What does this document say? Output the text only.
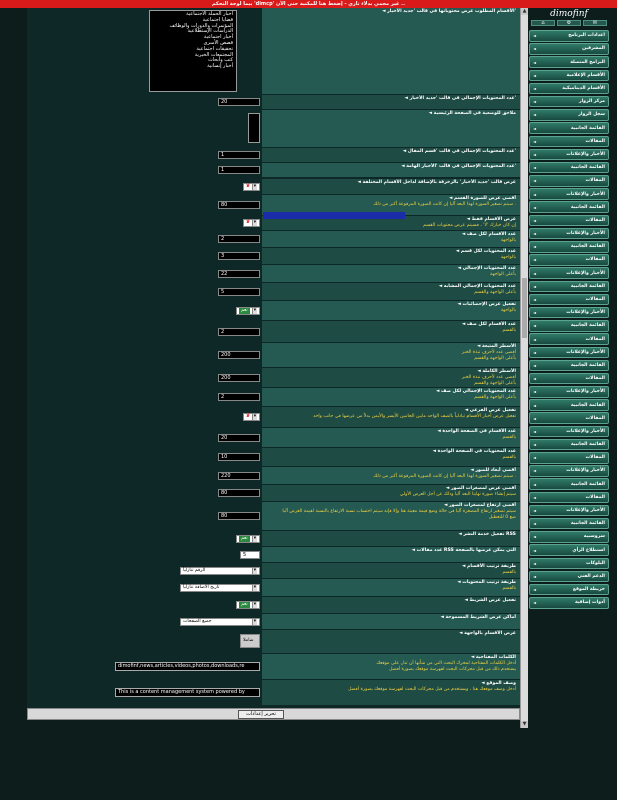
بيما لوحة التحكم 'dimcp' غير محمي بدلاء تاري - إضغط هنا للمكتبة حتى الآن ..
This is a content management system powered by
◄ وصف الموقع
أدخل وصف موقعك هنا ، ويستخدم من قبل محركات البحث لفهرسة موقعك بصورة أفضل
dimofinf,news,articles,videos,photos,downloads,re
◄ الكلمات المفتاحية
أدخل الكلمات المفتاحية لمحرك البحث التي من شأنها أن تدل على موقعك
يستخدم ذلك من قبل محركات البحث لفهرسة موقعك بصورة أفضل
شاملا
◄ عرض الأقسام بالواجهة
جميع الصفحات	▾
◄ أماكن عرض الشريط المسموحة
نعم	▾
◄ تفعيل عرض الشريط
تاريخ الاضافة تنازلياً	▾
◄ طريقة ترتيب المحتويات
بالقسم
الرقم تنازلياً	▾
◄ طريقة ترتيب الأقسام
بالقسم
5
◄ عدد مقالات RSS التي يمكن عرضها بالصفحة
نعم	▾
◄ تفعيل خدمة النشر RSS
80
◄ أقصى ارتفاع لمصغرات الصور
سيتم تصغير ارتفاع المصغرة آليا في حالة وضع قيمة معينة هنا وإلا فإنه سيتم احتساب نسبة الارتفاع بالنسبة لقيمة العرض آليا
ضع 0 للتعطيل
80
◄ أقصى عرض لمصغرات الصور
سيتم إنشاء صورة نهايتا البعد آليا وذلك عن أجل العرض الأولي
220
◄ أقصى أبعاد للصور
سيتم تصغير الصورة لهذا البعد آليا إن كانت الصورة المرفوعة أكبر من ذلك .
10
◄ عدد المحتويات في الصفحة الواحدة
بالقسم
20
◄ عدد الأقسام في الصفحة الواحدة
بالقسم
لا ▾
◄ تفعيل عرض الفرعي
تفعيل عرض أخبار الأقسام تبادلياً بالصف الواحد مابين الجانبين الأيسر والأيمن بدلاً من عرضها في جانب واحد
2
◄ عدد المحتويات الإجمالي لكل صف
بأعلى الواجهة والقسم
200
◄ الأسطر الكاملة
أقصى عدد لأحرف نبذة الخبر
بأعلى الواجهة والقسم
200
◄ الأسطر المتبعة
أقصى عدد لأحرف نبذة الخبر
بأعلى الواجهة والقسم
2
◄ عدد الأقسام لكل صف
بالقسم
نعم	▾
◄ تفعيل عرض الإحصائيات
بالواجهة
5
◄ عدد المحتويات الإجمالي المشابه
بأعلى الواجهة والقسم
22
◄ عدد المحتويات الإجمالي
بأعلى الواجهة
3
◄ عدد المحتويات لكل قسم
بالواجهة
2
◄ عدد الأقسام لكل صف
بالواجهة
لا ▾
◄ عرض الأقسام فقط
إن كان خيارك 'لا' ، فسيتم عرض محتويات القسم
80
◄ أقصى عرض للصورة القسم
سيتم تصغير الصورة لهذا البعد آليا إن كانت الصورة المرفوعة أكبر من ذلك .
لا ▾
◄ عرض قالب 'جديد الأخبار' بالزخرفة بالإضافة لداخل الأقسام المختلفة
1
◄ عدد المحتويات الإجمالي في قالب 'الأخبار الهامة'
1
◄ عدد المحتويات الإجمالي في قالب 'قسم المقال'
◄ ملاحق للوضعية في الصفحة الرئيسية
20
◄ عدد المحتويات الإجمالي في قالب 'جديد الأخبار'
أخبار الحملة الاجتماعية
قضايا اجتماعية
المؤتمرات والدورات والوظائف
الدراسات الإستطلاعية
أخبار اجتماعية
قصص الأسرى
تحقيقات اجتماعية
المجتمعات الخيرية
كتب وأبحاث
أخبار إنسانية
◄ الأقسام المطلوب عرض محتوياتها في قالب 'جديد الأخبار'
تحرير إعدادات
▲
▼
dimofinf
⌂	⚙	✉
◄	اعدادات البرنامج
◄	المشرفين
◄	البرامج المتصلة
◄	الأقسام الإعلامية
◄	الأقسام الديناميكية
◄	مركز الزوار
◄	سجل الزوار
◄	القائمة الجانبية
◄	المقالات
◄	الأخبار والإعلانات
◄	القائمة الجانبية
◄	المقالات
◄	الأخبار والإعلانات
◄	القائمة الجانبية
◄	المقالات
◄	الأخبار والإعلانات
◄	القائمة الجانبية
◄	المقالات
◄	الأخبار والإعلانات
◄	القائمة الجانبية
◄	المقالات
◄	الأخبار والإعلانات
◄	القائمة الجانبية
◄	المقالات
◄	الأخبار والإعلانات
◄	القائمة الجانبية
◄	المقالات
◄	الأخبار والإعلانات
◄	القائمة الجانبية
◄	المقالات
◄	الأخبار والإعلانات
◄	القائمة الجانبية
◄	المقالات
◄	الأخبار والإعلانات
◄	القائمة الجانبية
◄	المقالات
◄	الأخبار والإعلانات
◄	القائمة الجانبية
◄	سروسبيه
◄	استطلاع الرأي
◄	البلوكات
◄	الدعم الفني
◄	خريطة الموقع
◄	أدوات إضافية
